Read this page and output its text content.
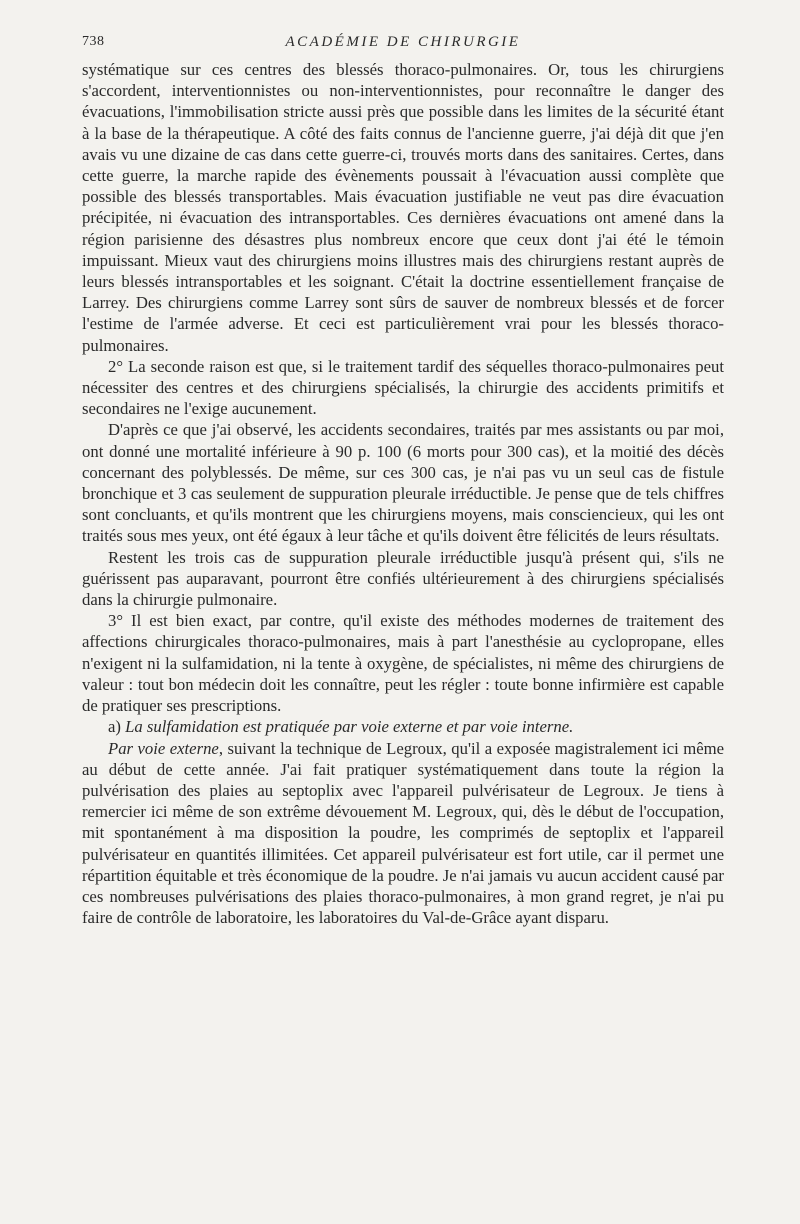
738	ACADÉMIE DE CHIRURGIE

systématique sur ces centres des blessés thoraco-pulmonaires. Or, tous les chirurgiens s'accordent, interventionnistes ou non-interventionnistes, pour reconnaître le danger des évacuations, l'immobilisation stricte aussi près que possible dans les limites de la sécurité étant à la base de la thérapeutique. A côté des faits connus de l'ancienne guerre, j'ai déjà dit que j'en avais vu une dizaine de cas dans cette guerre-ci, trouvés morts dans des sanitaires. Certes, dans cette guerre, la marche rapide des évènements poussait à l'évacuation aussi complète que possible des blessés transportables. Mais évacuation justifiable ne veut pas dire évacuation précipitée, ni évacuation des intransportables. Ces dernières évacuations ont amené dans la région parisienne des désastres plus nombreux encore que ceux dont j'ai été le témoin impuissant. Mieux vaut des chirurgiens moins illustres mais des chirurgiens restant auprès de leurs blessés intransportables et les soignant. C'était la doctrine essentiellement française de Larrey. Des chirurgiens comme Larrey sont sûrs de sauver de nombreux blessés et de forcer l'estime de l'armée adverse. Et ceci est particulièrement vrai pour les blessés thoraco-pulmonaires.

2° La seconde raison est que, si le traitement tardif des séquelles thoraco-pulmonaires peut nécessiter des centres et des chirurgiens spécialisés, la chirurgie des accidents primitifs et secondaires ne l'exige aucunement.

D'après ce que j'ai observé, les accidents secondaires, traités par mes assistants ou par moi, ont donné une mortalité inférieure à 90 p. 100 (6 morts pour 300 cas), et la moitié des décès concernant des polyblessés. De même, sur ces 300 cas, je n'ai pas vu un seul cas de fistule bronchique et 3 cas seulement de suppuration pleurale irréductible. Je pense que de tels chiffres sont concluants, et qu'ils montrent que les chirurgiens moyens, mais consciencieux, qui les ont traités sous mes yeux, ont été égaux à leur tâche et qu'ils doivent être félicités de leurs résultats.

Restent les trois cas de suppuration pleurale irréductible jusqu'à présent qui, s'ils ne guérissent pas auparavant, pourront être confiés ultérieurement à des chirurgiens spécialisés dans la chirurgie pulmonaire.

3° Il est bien exact, par contre, qu'il existe des méthodes modernes de traitement des affections chirurgicales thoraco-pulmonaires, mais à part l'anesthésie au cyclopropane, elles n'exigent ni la sulfamidation, ni la tente à oxygène, de spécialistes, ni même des chirurgiens de valeur : tout bon médecin doit les connaître, peut les régler : toute bonne infirmière est capable de pratiquer ses prescriptions.

a) La sulfamidation est pratiquée par voie externe et par voie interne.

Par voie externe, suivant la technique de Legroux, qu'il a exposée magistralement ici même au début de cette année. J'ai fait pratiquer systématiquement dans toute la région la pulvérisation des plaies au septoplix avec l'appareil pulvérisateur de Legroux. Je tiens à remercier ici même de son extrême dévouement M. Legroux, qui, dès le début de l'occupation, mit spontanément à ma disposition la poudre, les comprimés de septoplix et l'appareil pulvérisateur en quantités illimitées. Cet appareil pulvérisateur est fort utile, car il permet une répartition équitable et très économique de la poudre. Je n'ai jamais vu aucun accident causé par ces nombreuses pulvérisations des plaies thoraco-pulmonaires, à mon grand regret, je n'ai pu faire de contrôle de laboratoire, les laboratoires du Val-de-Grâce ayant disparu.
